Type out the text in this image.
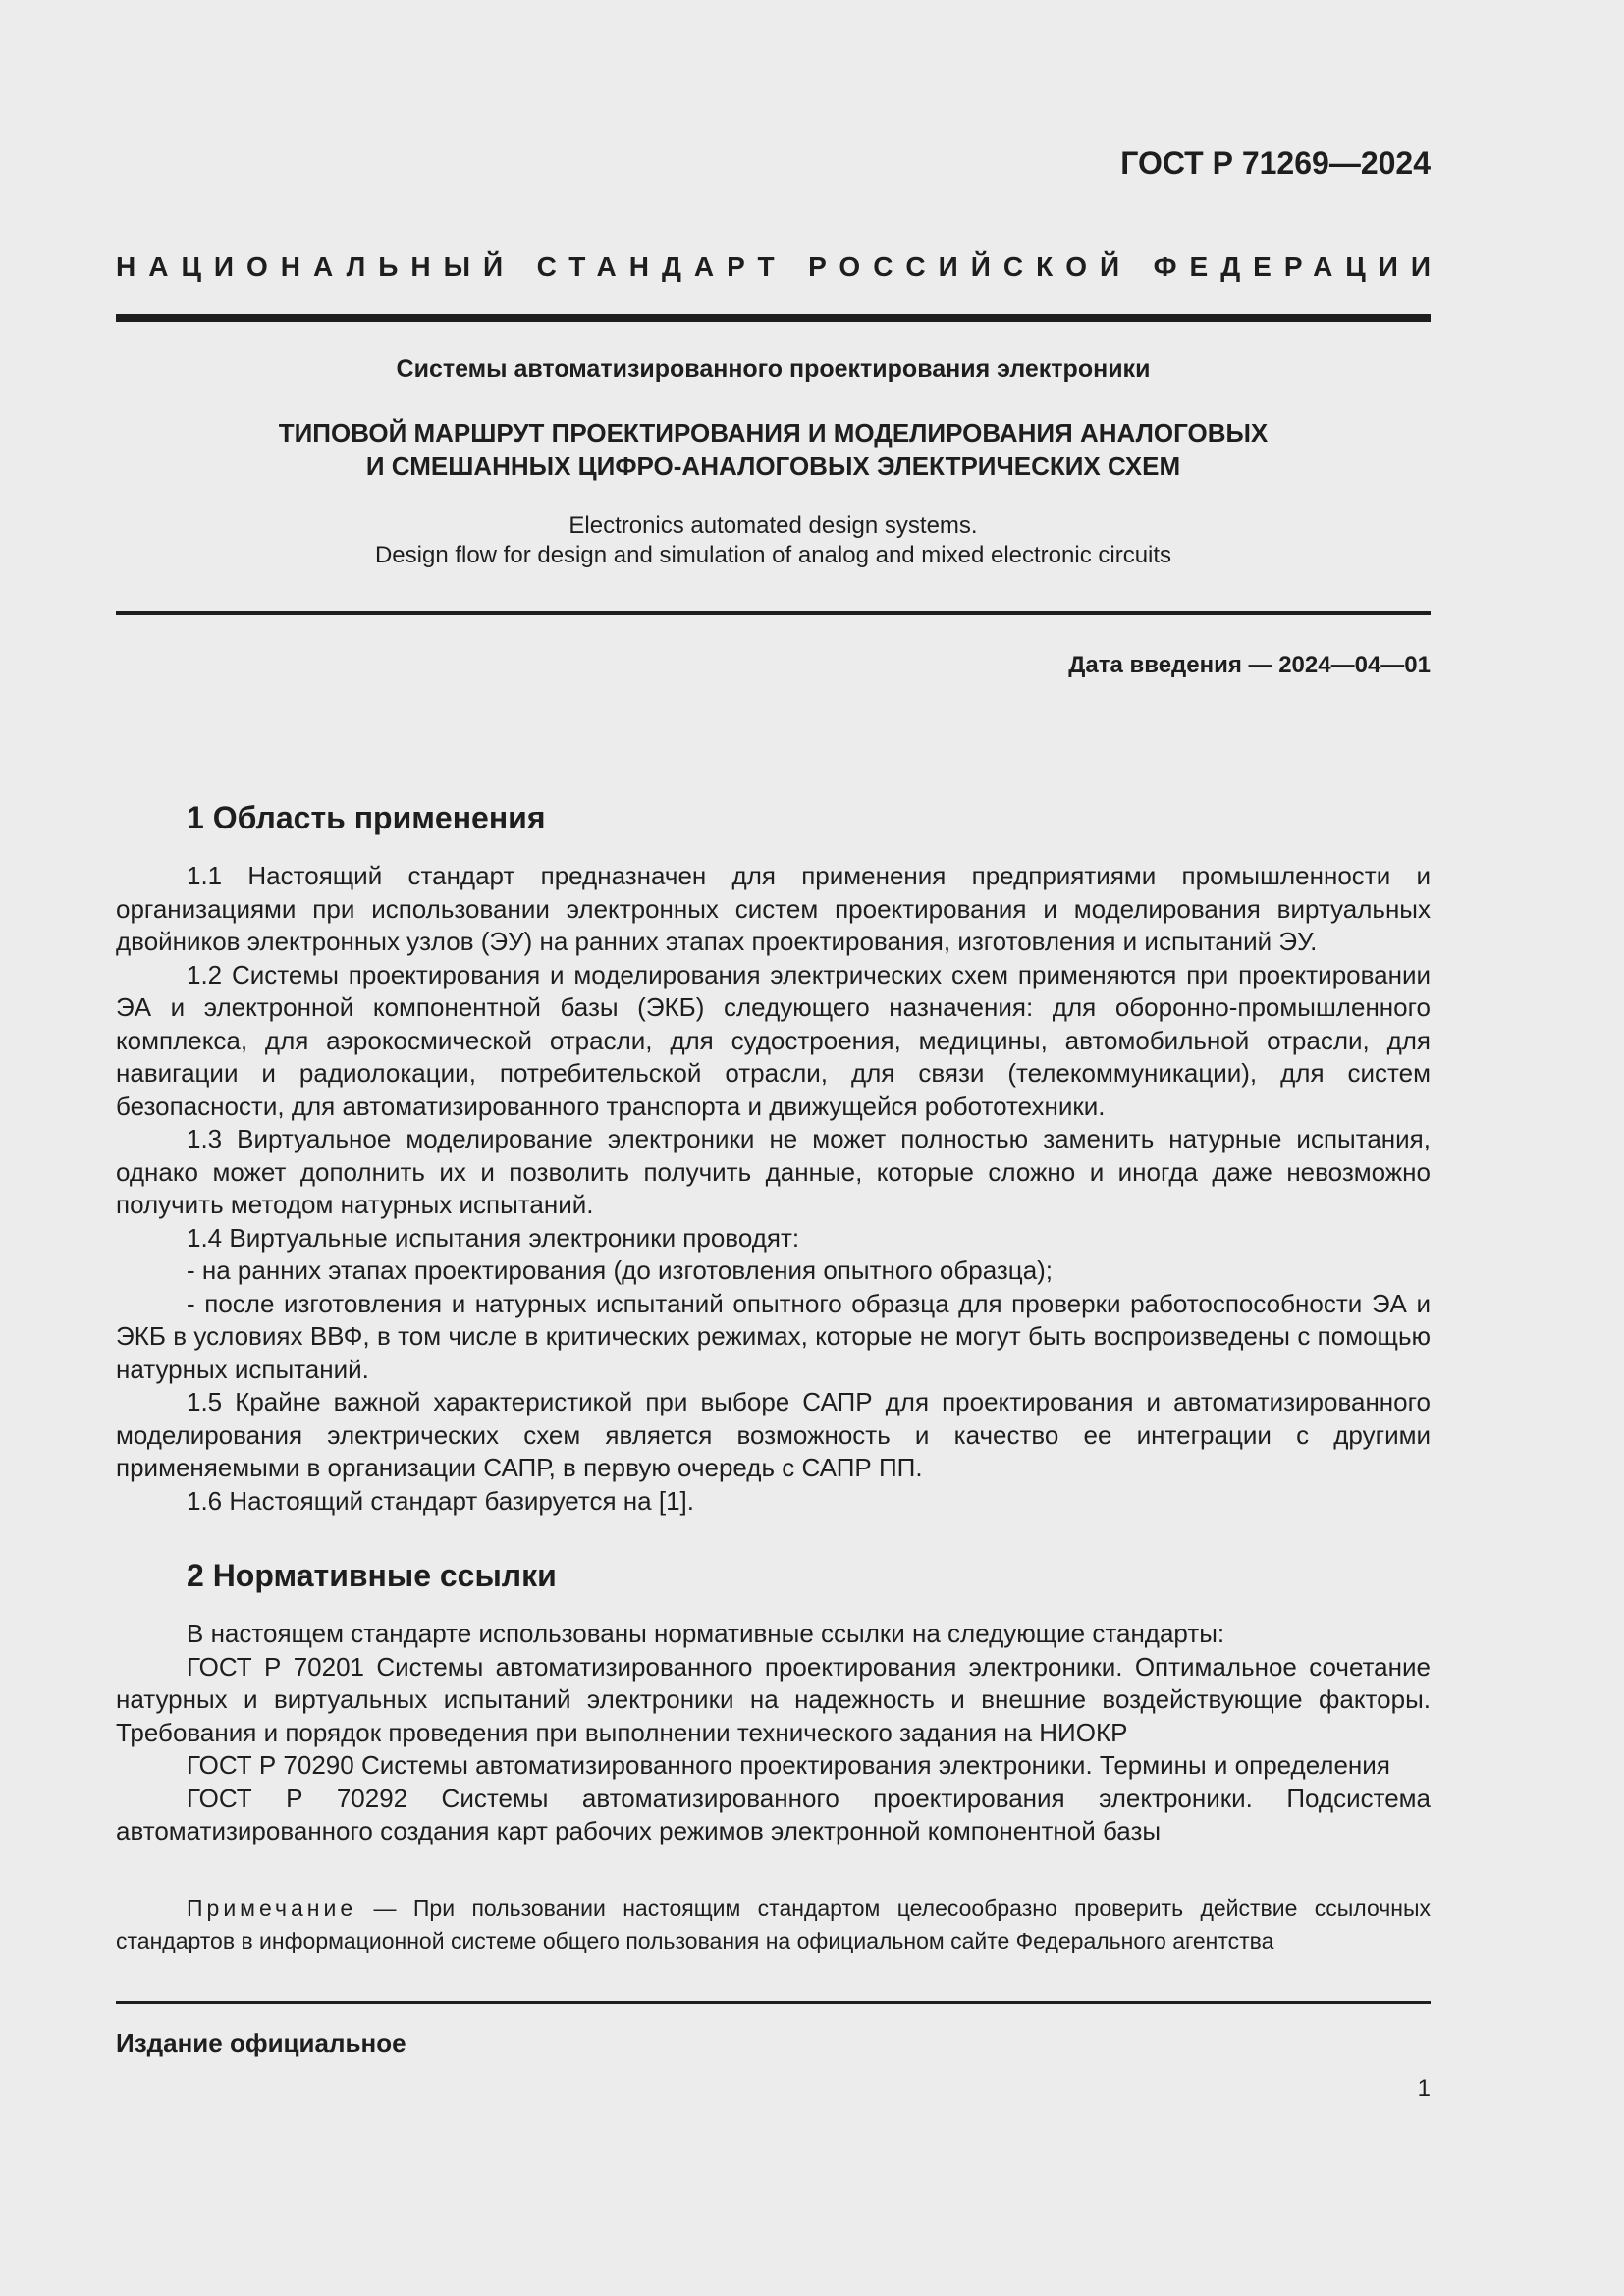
ГОСТ Р 71269—2024
НАЦИОНАЛЬНЫЙ СТАНДАРТ РОССИЙСКОЙ ФЕДЕРАЦИИ
Системы автоматизированного проектирования электроники
ТИПОВОЙ МАРШРУТ ПРОЕКТИРОВАНИЯ И МОДЕЛИРОВАНИЯ АНАЛОГОВЫХ
И СМЕШАННЫХ ЦИФРО-АНАЛОГОВЫХ ЭЛЕКТРИЧЕСКИХ СХЕМ
Electronics automated design systems.
Design flow for design and simulation of analog and mixed electronic circuits
Дата введения — 2024—04—01
1 Область применения

1.1 Настоящий стандарт предназначен для применения предприятиями промышленности и организациями при использовании электронных систем проектирования и моделирования виртуальных двойников электронных узлов (ЭУ) на ранних этапах проектирования, изготовления и испытаний ЭУ.

1.2 Системы проектирования и моделирования электрических схем применяются при проектировании ЭА и электронной компонентной базы (ЭКБ) следующего назначения: для оборонно-промышленного комплекса, для аэрокосмической отрасли, для судостроения, медицины, автомобильной отрасли, для навигации и радиолокации, потребительской отрасли, для связи (телекоммуникации), для систем безопасности, для автоматизированного транспорта и движущейся робототехники.

1.3 Виртуальное моделирование электроники не может полностью заменить натурные испытания, однако может дополнить их и позволить получить данные, которые сложно и иногда даже невозможно получить методом натурных испытаний.

1.4 Виртуальные испытания электроники проводят:

- на ранних этапах проектирования (до изготовления опытного образца);

- после изготовления и натурных испытаний опытного образца для проверки работоспособности ЭА и ЭКБ в условиях ВВФ, в том числе в критических режимах, которые не могут быть воспроизведены с помощью натурных испытаний.

1.5 Крайне важной характеристикой при выборе САПР для проектирования и автоматизированного моделирования электрических схем является возможность и качество ее интеграции с другими применяемыми в организации САПР, в первую очередь с САПР ПП.

1.6 Настоящий стандарт базируется на [1].

2 Нормативные ссылки

В настоящем стандарте использованы нормативные ссылки на следующие стандарты:

ГОСТ Р 70201 Системы автоматизированного проектирования электроники. Оптимальное сочетание натурных и виртуальных испытаний электроники на надежность и внешние воздействующие факторы. Требования и порядок проведения при выполнении технического задания на НИОКР

ГОСТ Р 70290 Системы автоматизированного проектирования электроники. Термины и определения

ГОСТ Р 70292 Системы автоматизированного проектирования электроники. Подсистема автоматизированного создания карт рабочих режимов электронной компонентной базы

Примечание — При пользовании настоящим стандартом целесообразно проверить действие ссылочных стандартов в информационной системе общего пользования на официальном сайте Федерального агентства

Издание официальное
1
